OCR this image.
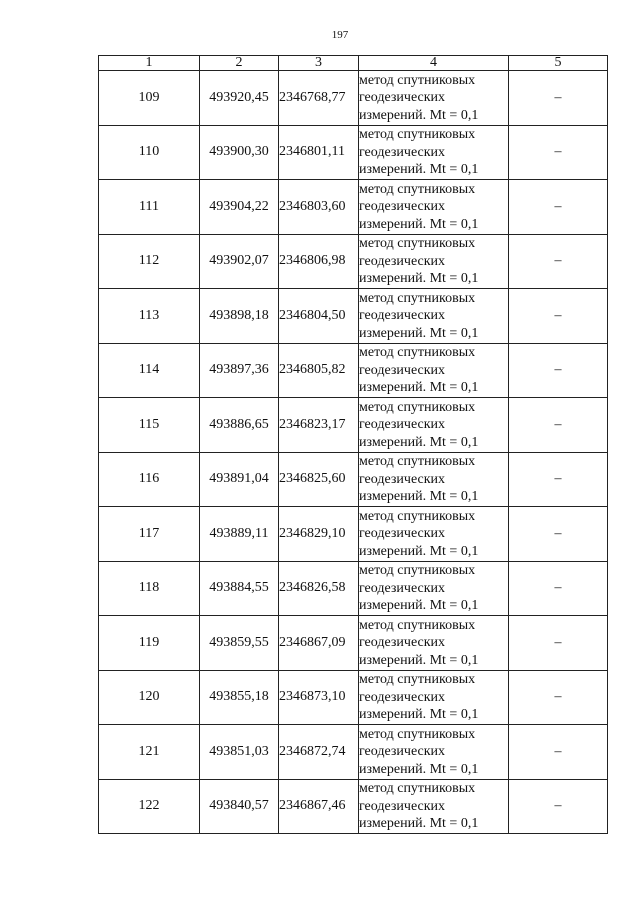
197
1	2	3	4	5
109	493920,45	2346768,77	метод спутниковых
геодезических
измерений. Mt = 0,1	–
110	493900,30	2346801,11	метод спутниковых
геодезических
измерений. Mt = 0,1	–
111	493904,22	2346803,60	метод спутниковых
геодезических
измерений. Mt = 0,1	–
112	493902,07	2346806,98	метод спутниковых
геодезических
измерений. Mt = 0,1	–
113	493898,18	2346804,50	метод спутниковых
геодезических
измерений. Mt = 0,1	–
114	493897,36	2346805,82	метод спутниковых
геодезических
измерений. Mt = 0,1	–
115	493886,65	2346823,17	метод спутниковых
геодезических
измерений. Mt = 0,1	–
116	493891,04	2346825,60	метод спутниковых
геодезических
измерений. Mt = 0,1	–
117	493889,11	2346829,10	метод спутниковых
геодезических
измерений. Mt = 0,1	–
118	493884,55	2346826,58	метод спутниковых
геодезических
измерений. Mt = 0,1	–
119	493859,55	2346867,09	метод спутниковых
геодезических
измерений. Mt = 0,1	–
120	493855,18	2346873,10	метод спутниковых
геодезических
измерений. Mt = 0,1	–
121	493851,03	2346872,74	метод спутниковых
геодезических
измерений. Mt = 0,1	–
122	493840,57	2346867,46	метод спутниковых
геодезических
измерений. Mt = 0,1	–
